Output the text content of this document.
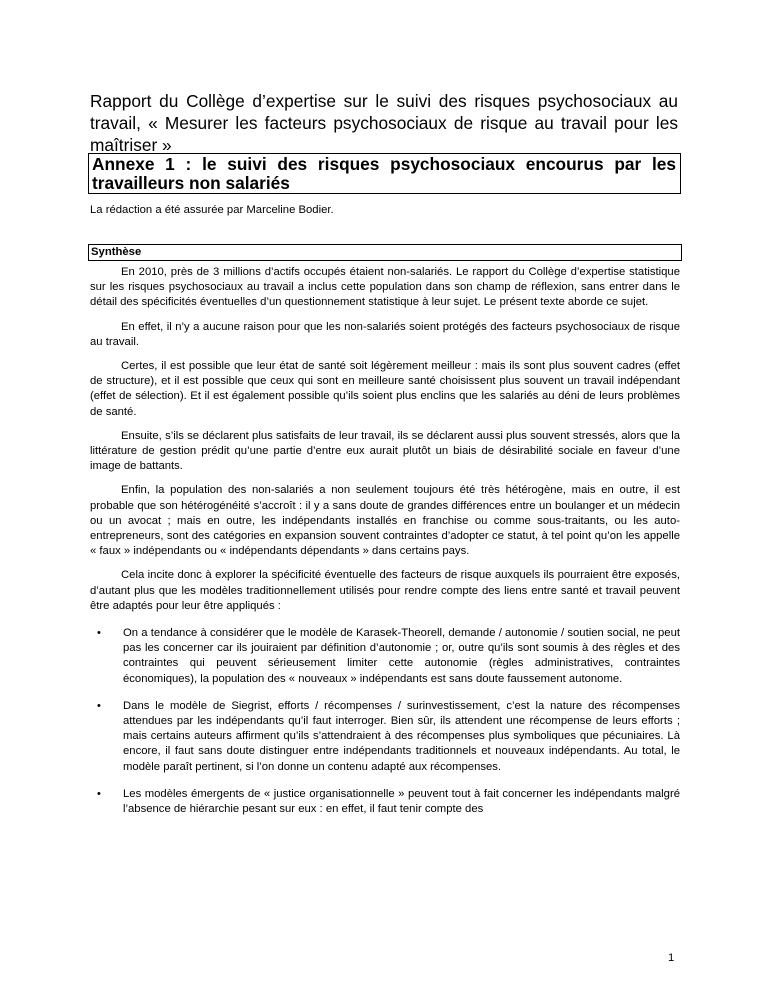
Rapport du Collège d’expertise sur le suivi des risques psychosociaux au travail, « Mesurer les facteurs psychosociaux de risque au travail pour les maîtriser »
Annexe 1 : le suivi des risques psychosociaux encourus par les travailleurs non salariés

La rédaction a été assurée par Marceline Bodier.

Synthèse

En 2010, près de 3 millions d’actifs occupés étaient non-salariés. Le rapport du Collège d’expertise statistique sur les risques psychosociaux au travail a inclus cette population dans son champ de réflexion, sans entrer dans le détail des spécificités éventuelles d’un questionnement statistique à leur sujet. Le présent texte aborde ce sujet.

En effet, il n’y a aucune raison pour que les non-salariés soient protégés des facteurs psychosociaux de risque au travail.

Certes, il est possible que leur état de santé soit légèrement meilleur : mais ils sont plus souvent cadres (effet de structure), et il est possible que ceux qui sont en meilleure santé choisissent plus souvent un travail indépendant (effet de sélection). Et il est également possible qu’ils soient plus enclins que les salariés au déni de leurs problèmes de santé.

Ensuite, s’ils se déclarent plus satisfaits de leur travail, ils se déclarent aussi plus souvent stressés, alors que la littérature de gestion prédit qu’une partie d’entre eux aurait plutôt un biais de désirabilité sociale en faveur d’une image de battants.

Enfin, la population des non-salariés a non seulement toujours été très hétérogène, mais en outre, il est probable que son hétérogénéité s’accroît : il y a sans doute de grandes différences entre un boulanger et un médecin ou un avocat ; mais en outre, les indépendants installés en franchise ou comme sous-traitants, ou les auto-entrepreneurs, sont des catégories en expansion souvent contraintes d’adopter ce statut, à tel point qu’on les appelle « faux » indépendants ou « indépendants dépendants » dans certains pays.

Cela incite donc à explorer la spécificité éventuelle des facteurs de risque auxquels ils pourraient être exposés, d’autant plus que les modèles traditionnellement utilisés pour rendre compte des liens entre santé et travail peuvent être adaptés pour leur être appliqués :

• On a tendance à considérer que le modèle de Karasek-Theorell, demande / autonomie / soutien social, ne peut pas les concerner car ils jouiraient par définition d’autonomie ; or, outre qu’ils sont soumis à des règles et des contraintes qui peuvent sérieusement limiter cette autonomie (règles administratives, contraintes économiques), la population des « nouveaux » indépendants est sans doute faussement autonome.
• Dans le modèle de Siegrist, efforts / récompenses / surinvestissement, c’est la nature des récompenses attendues par les indépendants qu’il faut interroger. Bien sûr, ils attendent une récompense de leurs efforts ; mais certains auteurs affirment qu’ils s’attendraient à des récompenses plus symboliques que pécuniaires. Là encore, il faut sans doute distinguer entre indépendants traditionnels et nouveaux indépendants. Au total, le modèle paraît pertinent, si l’on donne un contenu adapté aux récompenses.
• Les modèles émergents de « justice organisationnelle » peuvent tout à fait concerner les indépendants malgré l’absence de hiérarchie pesant sur eux : en effet, il faut tenir compte des

1
